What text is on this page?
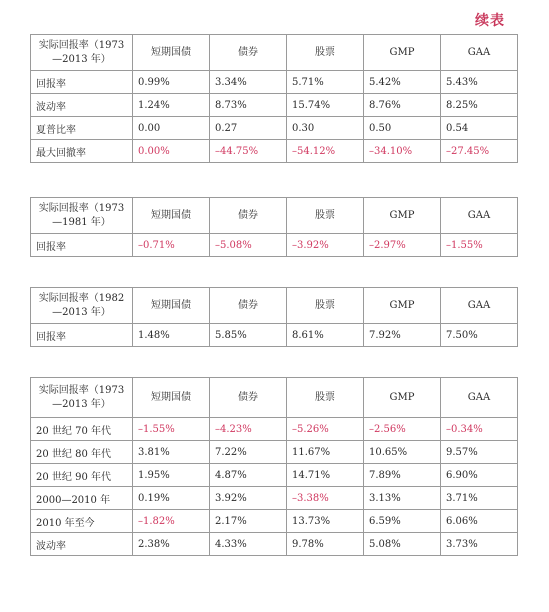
续表
实际回报率（1973
—2013 年）	短期国债	债券	股票	GMP	GAA
回报率	0.99%	3.34%	5.71%	5.42%	5.43%
波动率	1.24%	8.73%	15.74%	8.76%	8.25%
夏普比率	0.00	0.27	0.30	0.50	0.54
最大回撤率	0.00%	–44.75%	–54.12%	–34.10%	–27.45%
实际回报率（1973
—1981 年）	短期国债	债券	股票	GMP	GAA
回报率	–0.71%	–5.08%	–3.92%	–2.97%	–1.55%
实际回报率（1982
—2013 年）	短期国债	债券	股票	GMP	GAA
回报率	1.48%	5.85%	8.61%	7.92%	7.50%
实际回报率（1973
—2013 年）	短期国债	债券	股票	GMP	GAA
20 世纪 70 年代	–1.55%	–4.23%	–5.26%	–2.56%	–0.34%
20 世纪 80 年代	3.81%	7.22%	11.67%	10.65%	9.57%
20 世纪 90 年代	1.95%	4.87%	14.71%	7.89%	6.90%
2000—2010 年	0.19%	3.92%	–3.38%	3.13%	3.71%
2010 年至今	–1.82%	2.17%	13.73%	6.59%	6.06%
波动率	2.38%	4.33%	9.78%	5.08%	3.73%
